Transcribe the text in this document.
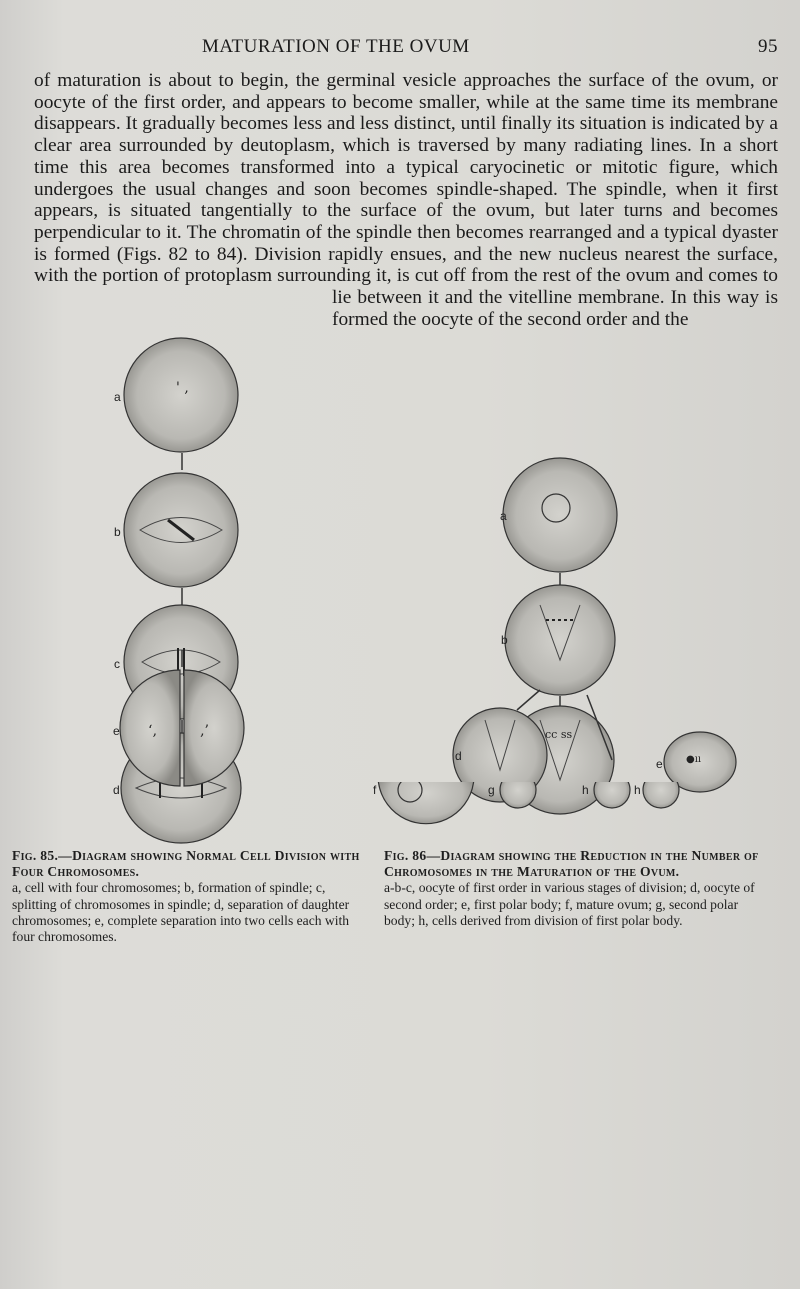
MATURATION OF THE OVUM	95

of maturation is about to begin, the germinal vesicle approaches the surface of the ovum, or oocyte of the first order, and appears to become smaller, while at the same time its membrane disappears. It gradually becomes less and less distinct, until finally its situation is indicated by a clear area surrounded by deutoplasm, which is traversed by many radiating lines. In a short time this area becomes transformed into a typical caryocinetic or mitotic figure, which undergoes the usual changes and soon becomes spindle-shaped. The spindle, when it first appears, is situated tangentially to the surface of the ovum, but later turns and becomes perpendicular to it. The chromatin of the spindle then becomes rearranged and a typical dyaster is formed (Figs. 82 to 84). Division rapidly ensues, and the new nucleus nearest the surface, with the portion of protoplasm surrounding it, is cut off from the rest of the ovum and comes to lie between it and the vitelline membrane. In this way is formed the oocyte of the second order and the

' ‚
a
b
c
d
a
b
cc ss
‘‚	‚’
e
d	●ıı
e
f	g	h	h

Fig. 85.—Diagram showing Normal Cell Division with Four Chromosomes.

a, cell with four chromosomes; b, formation of spindle; c, splitting of chromosomes in spindle; d, separation of daughter chromosomes; e, complete separation into two cells each with four chromosomes.

Fig. 86—Diagram showing the Reduction in the Number of Chromosomes in the Maturation of the Ovum.

a-b-c, oocyte of first order in various stages of division; d, oocyte of second order; e, first polar body; f, mature ovum; g, second polar body; h, cells derived from division of first polar body.
